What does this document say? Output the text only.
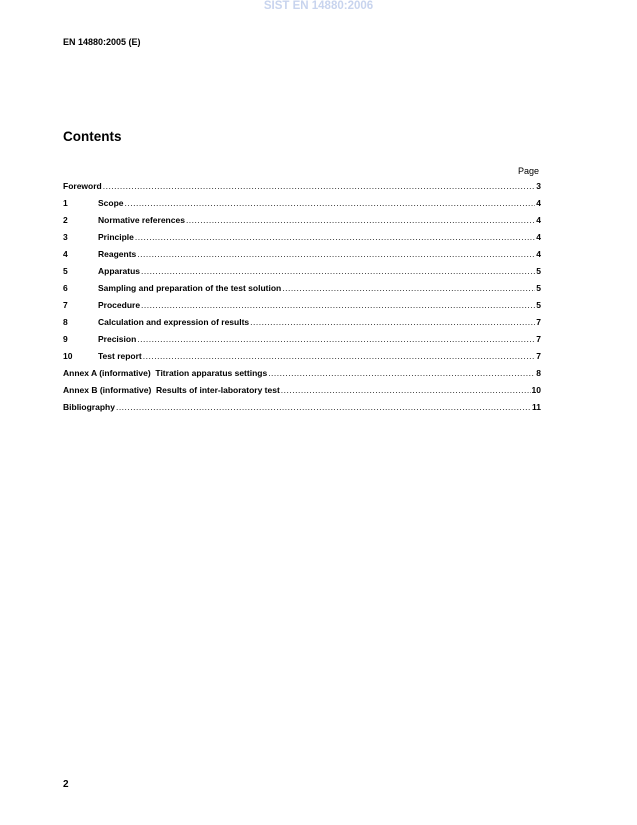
SIST EN 14880:2006
EN 14880:2005 (E)
Contents
Page
Foreword .....	3
1	Scope .....	4
2	Normative references .....	4
3	Principle .....	4
4	Reagents .....	4
5	Apparatus .....	5
6	Sampling and preparation of the test solution .....	5
7	Procedure .....	5
8	Calculation and expression of results .....	7
9	Precision .....	7
10	Test report .....	7
Annex A (informative)  Titration apparatus settings .....	8
Annex B (informative)  Results of inter-laboratory test .....	10
Bibliography .....	11
2
